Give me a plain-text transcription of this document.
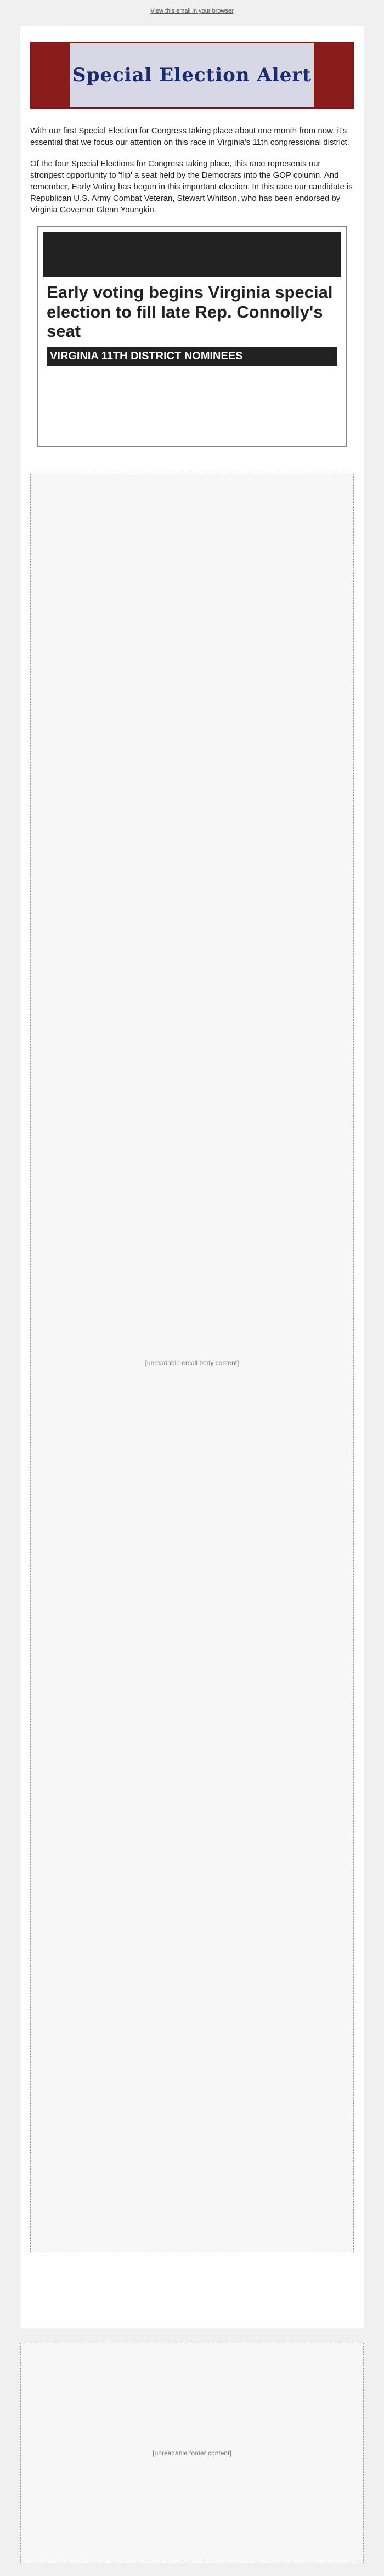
View this email in your browser
Special Election Alert

With our first Special Election for Congress taking place about one month from now, it's essential that we focus our attention on this race in Virginia's 11th congressional district.

Of the four Special Elections for Congress taking place, this race represents our strongest opportunity to 'flip' a seat held by the Democrats into the GOP column. And remember, Early Voting has begun in this important election. In this race our candidate is Republican U.S. Army Combat Veteran, Stewart Whitson, who has been endorsed by Virginia Governor Glenn Youngkin.

Early voting begins Virginia special election to fill late Rep. Connolly's seat
VIRGINIA 11TH DISTRICT NOMINEES
[unreadable email body content]
[unreadable footer content]
